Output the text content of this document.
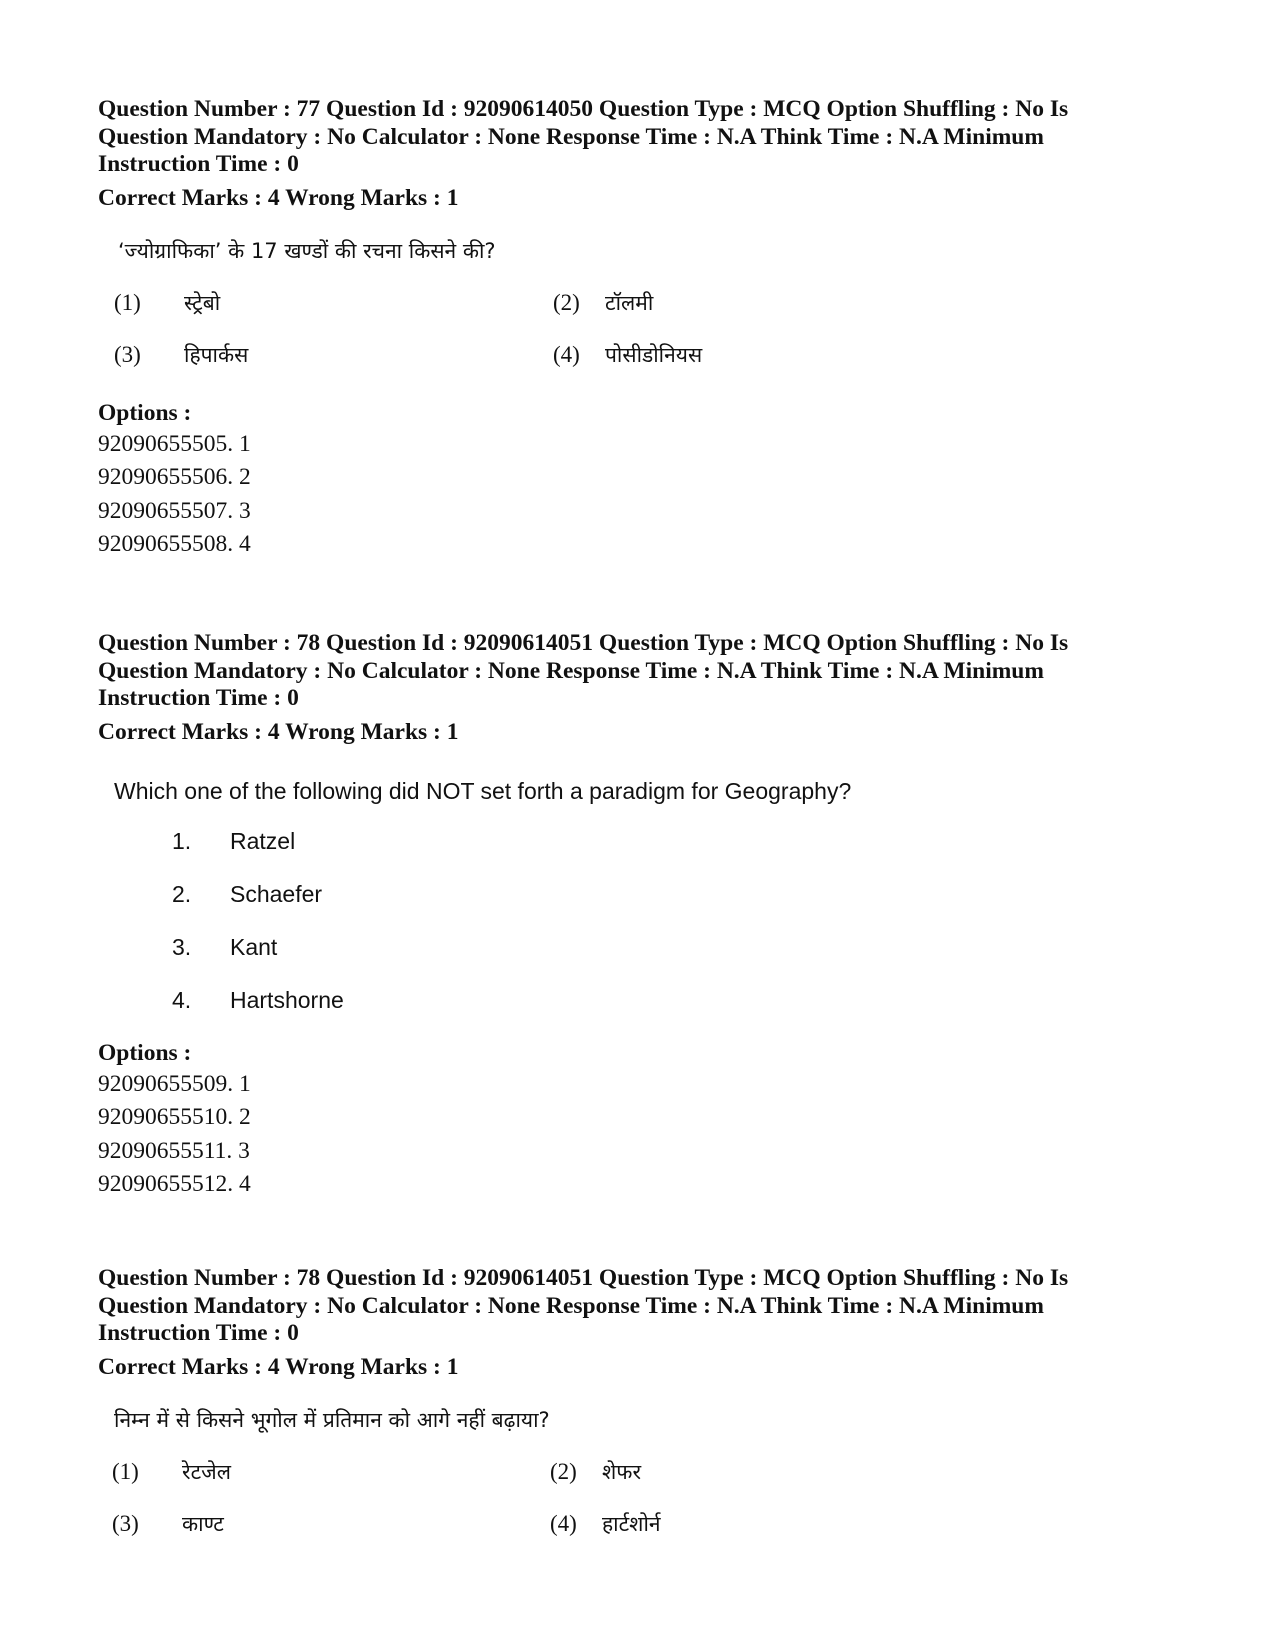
Question Number : 77 Question Id : 92090614050 Question Type : MCQ Option Shuffling : No Is
Question Mandatory : No Calculator : None Response Time : N.A Think Time : N.A Minimum
Instruction Time : 0
Correct Marks : 4 Wrong Marks : 1
‘ज्योग्राफिका’ के 17 खण्डों की रचना किसने की?
(1) स्ट्रेबो	(2) टॉलमी
(3) हिपार्कस	(4) पोसीडोनियस
Options :
92090655505. 1
92090655506. 2
92090655507. 3
92090655508. 4
Question Number : 78 Question Id : 92090614051 Question Type : MCQ Option Shuffling : No Is
Question Mandatory : No Calculator : None Response Time : N.A Think Time : N.A Minimum
Instruction Time : 0
Correct Marks : 4 Wrong Marks : 1
Which one of the following did NOT set forth a paradigm for Geography?
1. Ratzel
2. Schaefer
3. Kant
4. Hartshorne
Options :
92090655509. 1
92090655510. 2
92090655511. 3
92090655512. 4
Question Number : 78 Question Id : 92090614051 Question Type : MCQ Option Shuffling : No Is
Question Mandatory : No Calculator : None Response Time : N.A Think Time : N.A Minimum
Instruction Time : 0
Correct Marks : 4 Wrong Marks : 1
निम्न में से किसने भूगोल में प्रतिमान को आगे नहीं बढ़ाया?
(1) रेटजेल	(2) शेफर
(3) काण्ट	(4) हार्टशोर्न
